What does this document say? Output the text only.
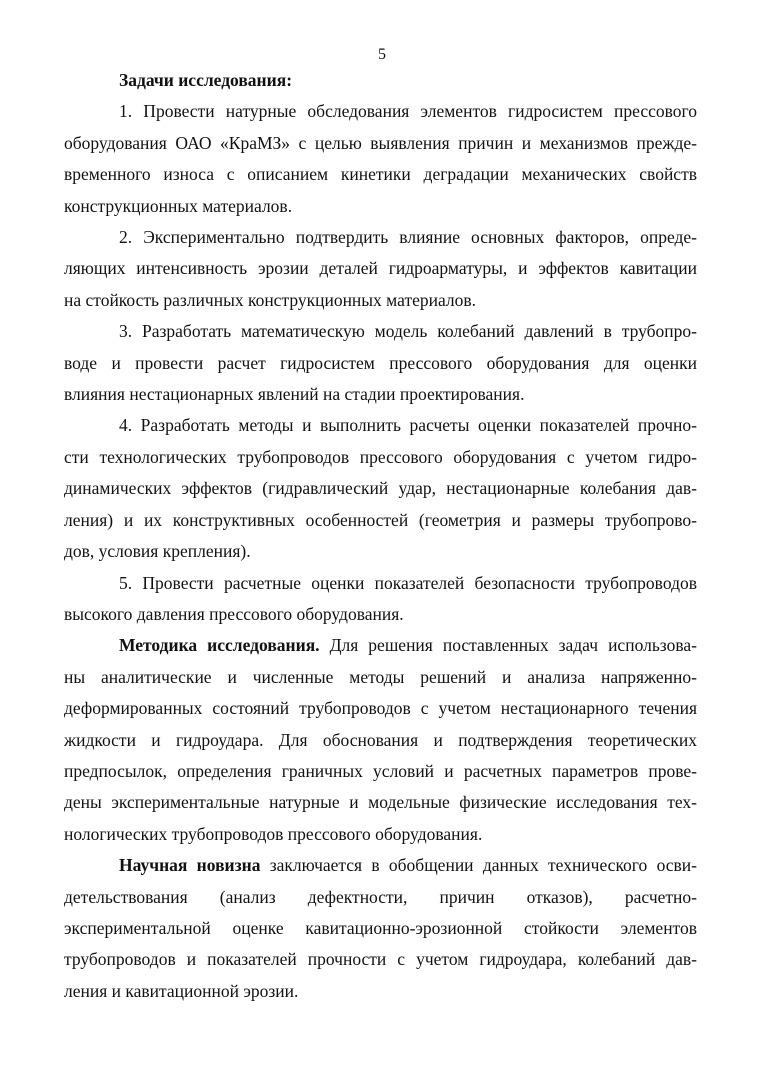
5
Задачи исследования:
1. Провести натурные обследования элементов гидросистем прессового
оборудования ОАО «КраМЗ» с целью выявления причин и механизмов преждe-
временного износа с описанием кинетики деградации механических свойств
конструкционных материалов.
2. Экспериментально подтвердить влияние основных факторов, опреде-
ляющих интенсивность эрозии деталей гидроарматуры, и эффектов кавитации
на стойкость различных конструкционных материалов.
3. Разработать математическую модель колебаний давлений в трубопро-
воде и провести расчет гидросистем прессового оборудования для оценки
влияния нестационарных явлений на стадии проектирования.
4. Разработать методы и выполнить расчеты оценки показателей прочно-
сти технологических трубопроводов прессового оборудования с учетом гидро-
динамических эффектов (гидравлический удар, нестационарные колебания дав-
ления) и их конструктивных особенностей (геометрия и размеры трубопрово-
дов, условия крепления).
5. Провести расчетные оценки показателей безопасности трубопроводов
высокого давления прессового оборудования.
Методика исследования. Для решения поставленных задач использова-
ны аналитические и численные методы решений и анализа напряженно-
деформированных состояний трубопроводов с учетом нестационарного течения
жидкости и гидроудара. Для обоснования и подтверждения теоретических
предпосылок, определения граничных условий и расчетных параметров прове-
дены экспериментальные натурные и модельные физические исследования тех-
нологических трубопроводов прессового оборудования.
Научная новизна заключается в обобщении данных технического осви-
детельствования (анализ дефектности, причин отказов), расчетно-
экспериментальной оценке кавитационно-эрозионной стойкости элементов
трубопроводов и показателей прочности с учетом гидроудара, колебаний дав-
ления и кавитационной эрозии.
